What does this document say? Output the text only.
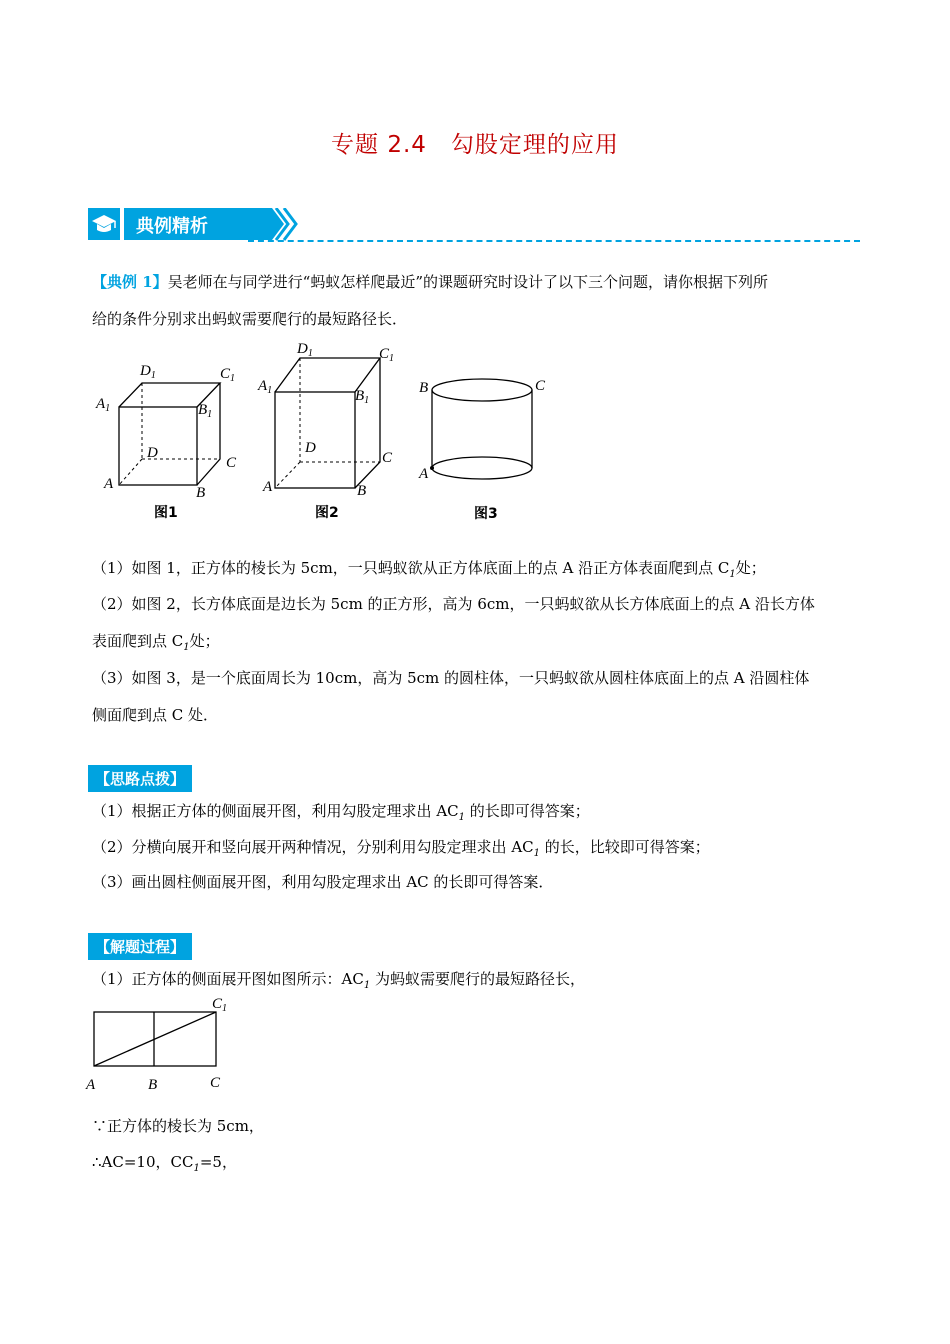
专题 2.4　勾股定理的应用
典例精析
【典例 1】吴老师在与同学进行“蚂蚁怎样爬最近”的课题研究时设计了以下三个问题，请你根据下列所
给的条件分别求出蚂蚁需要爬行的最短路径长．
A
B
C
D
$A_1$	$B_1$
$C_1$
$D_1$
图1
A	B
C
D
$A_1$	$B_1$
$C_1$
$D_1$
图2
B	C
A
图3
（1）如图 1，正方体的棱长为 5cm，一只蚂蚁欲从正方体底面上的点 A 沿正方体表面爬到点 $C_1$处；
（2）如图 2，长方体底面是边长为 5cm 的正方形，高为 6cm，一只蚂蚁欲从长方体底面上的点 A 沿长方体
表面爬到点 $C_1$处；
（3）如图 3，是一个底面周长为 10cm，高为 5cm 的圆柱体，一只蚂蚁欲从圆柱体底面上的点 A 沿圆柱体
侧面爬到点 C 处．
【思路点拨】
（1）根据正方体的侧面展开图，利用勾股定理求出 $AC_1$ 的长即可得答案；
（2）分横向展开和竖向展开两种情况，分别利用勾股定理求出 $AC_1$ 的长，比较即可得答案；
（3）画出圆柱侧面展开图，利用勾股定理求出 AC 的长即可得答案．
【解题过程】
（1）正方体的侧面展开图如图所示：$AC_1$ 为蚂蚁需要爬行的最短路径长，
A	B	C
$C_1$
∵正方体的棱长为 5cm，
∴AC=10，$CC_1=5$，
